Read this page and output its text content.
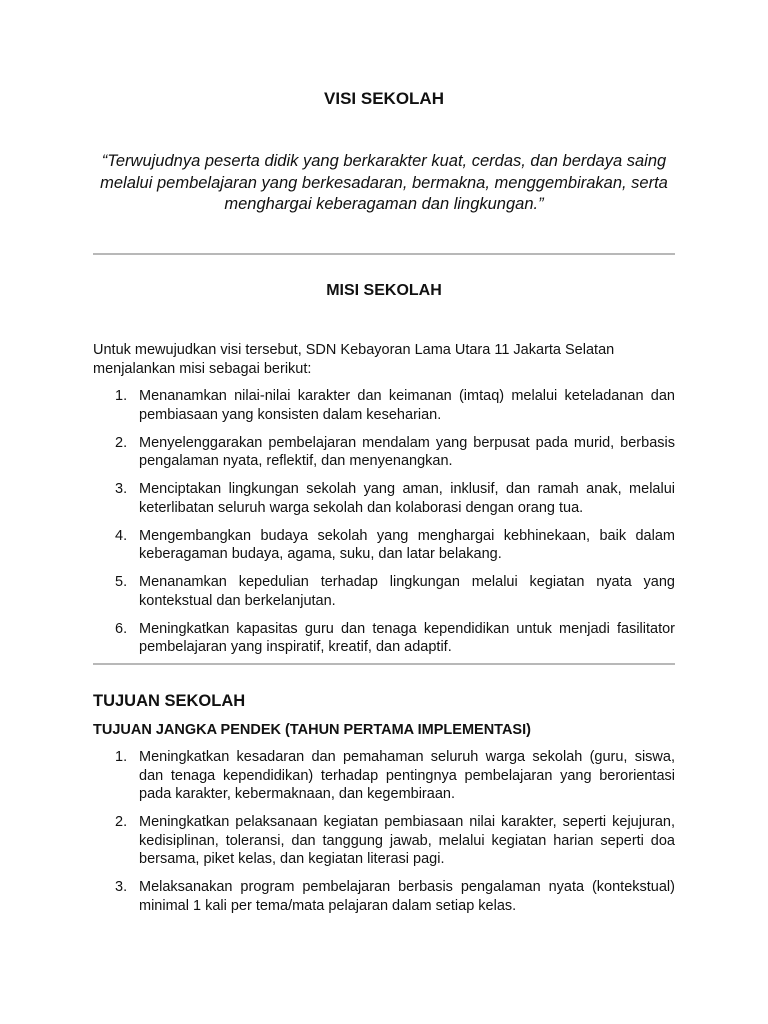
VISI SEKOLAH
“Terwujudnya peserta didik yang berkarakter kuat, cerdas, dan berdaya saing melalui pembelajaran yang berkesadaran, bermakna, menggembirakan, serta menghargai keberagaman dan lingkungan.”
MISI SEKOLAH
Untuk mewujudkan visi tersebut, SDN Kebayoran Lama Utara 11 Jakarta Selatan menjalankan misi sebagai berikut:
1. Menanamkan nilai-nilai karakter dan keimanan (imtaq) melalui keteladanan dan pembiasaan yang konsisten dalam keseharian.
2. Menyelenggarakan pembelajaran mendalam yang berpusat pada murid, berbasis pengalaman nyata, reflektif, dan menyenangkan.
3. Menciptakan lingkungan sekolah yang aman, inklusif, dan ramah anak, melalui keterlibatan seluruh warga sekolah dan kolaborasi dengan orang tua.
4. Mengembangkan budaya sekolah yang menghargai kebhinekaan, baik dalam keberagaman budaya, agama, suku, dan latar belakang.
5. Menanamkan kepedulian terhadap lingkungan melalui kegiatan nyata yang kontekstual dan berkelanjutan.
6. Meningkatkan kapasitas guru dan tenaga kependidikan untuk menjadi fasilitator pembelajaran yang inspiratif, kreatif, dan adaptif.
TUJUAN SEKOLAH
TUJUAN JANGKA PENDEK (TAHUN PERTAMA IMPLEMENTASI)
1. Meningkatkan kesadaran dan pemahaman seluruh warga sekolah (guru, siswa, dan tenaga kependidikan) terhadap pentingnya pembelajaran yang berorientasi pada karakter, kebermaknaan, dan kegembiraan.
2. Meningkatkan pelaksanaan kegiatan pembiasaan nilai karakter, seperti kejujuran, kedisiplinan, toleransi, dan tanggung jawab, melalui kegiatan harian seperti doa bersama, piket kelas, dan kegiatan literasi pagi.
3. Melaksanakan program pembelajaran berbasis pengalaman nyata (kontekstual) minimal 1 kali per tema/mata pelajaran dalam setiap kelas.
